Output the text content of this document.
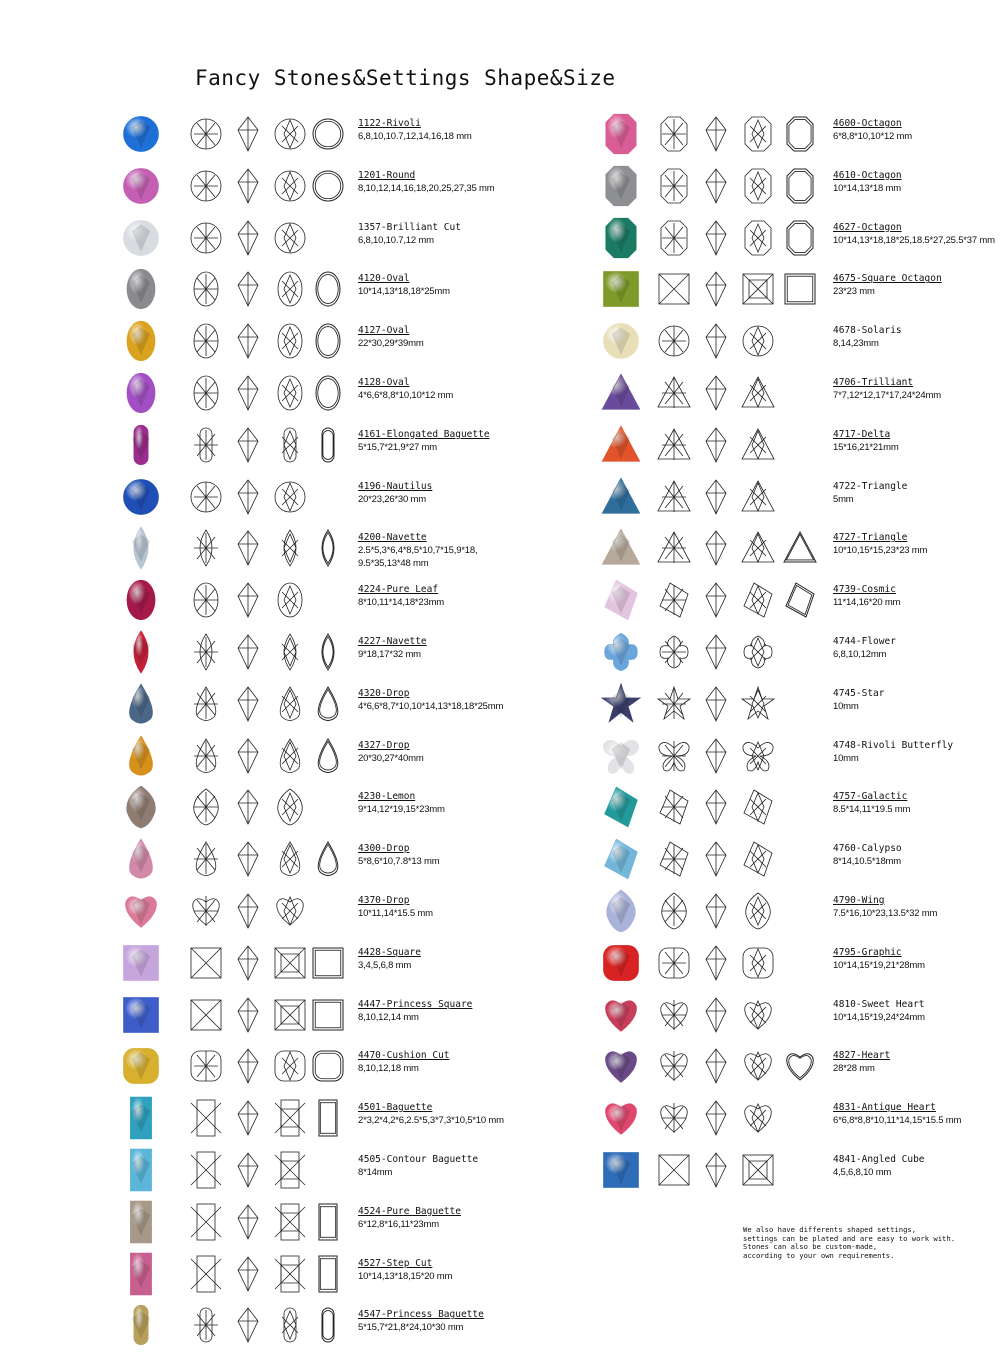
Fancy Stones&Settings Shape&Size
1122-Rivoli
6,8,10,10.7,12,14,16,18 mm
1201-Round
8,10,12,14,16,18,20,25,27,35 mm
1357-Brilliant Cut
6,8,10,10.7,12 mm
4120-Oval
10*14,13*18,18*25mm
4127-Oval
22*30,29*39mm
4128-Oval
4*6,6*8,8*10,10*12 mm
4161-Elongated Baguette
5*15,7*21,9*27 mm
4196-Nautilus
20*23,26*30 mm
4200-Navette
2.5*5,3*6,4*8,5*10,7*15,9*18,
9.5*35,13*48 mm
4224-Pure Leaf
8*10,11*14,18*23mm
4227-Navette
9*18,17*32 mm
4320-Drop
4*6,6*8,7*10,10*14,13*18,18*25mm
4327-Drop
20*30,27*40mm
4230-Lemon
9*14,12*19,15*23mm
4300-Drop
5*8,6*10,7.8*13 mm
4370-Drop
10*11,14*15.5 mm
4428-Square
3,4,5,6,8 mm
4447-Princess Square
8,10,12,14 mm
4470-Cushion Cut
8,10,12,18 mm
4501-Baguette
2*3,2*4,2*6,2.5*5,3*7,3*10,5*10 mm
4505-Contour Baguette
8*14mm
4524-Pure Baguette
6*12,8*16,11*23mm
4527-Step Cut
10*14,13*18,15*20 mm
4547-Princess Baguette
5*15,7*21,8*24,10*30 mm
4600-Octagon
6*8,8*10,10*12 mm
4610-Octagon
10*14,13*18 mm
4627-Octagon
10*14,13*18,18*25,18.5*27,25.5*37 mm
4675-Square Octagon
23*23 mm
4678-Solaris
8,14,23mm
4706-Trilliant
7*7,12*12,17*17,24*24mm
4717-Delta
15*16,21*21mm
4722-Triangle
5mm
4727-Triangle
10*10,15*15,23*23 mm
4739-Cosmic
11*14,16*20 mm
4744-Flower
6,8,10,12mm
4745-Star
10mm
4748-Rivoli Butterfly
10mm
4757-Galactic
8.5*14,11*19.5 mm
4760-Calypso
8*14,10.5*18mm
4790-Wing
7.5*16,10*23,13.5*32 mm
4795-Graphic
10*14,15*19,21*28mm
4810-Sweet Heart
10*14,15*19,24*24mm
4827-Heart
28*28 mm
4831-Antique Heart
6*6,8*8,8*10,11*14,15*15.5 mm
4841-Angled Cube
4,5,6,8,10 mm
We also have differents shaped settings,
settings can be plated and are easy to work with.
Stones can also be custom-made,
according to your own requirements.
